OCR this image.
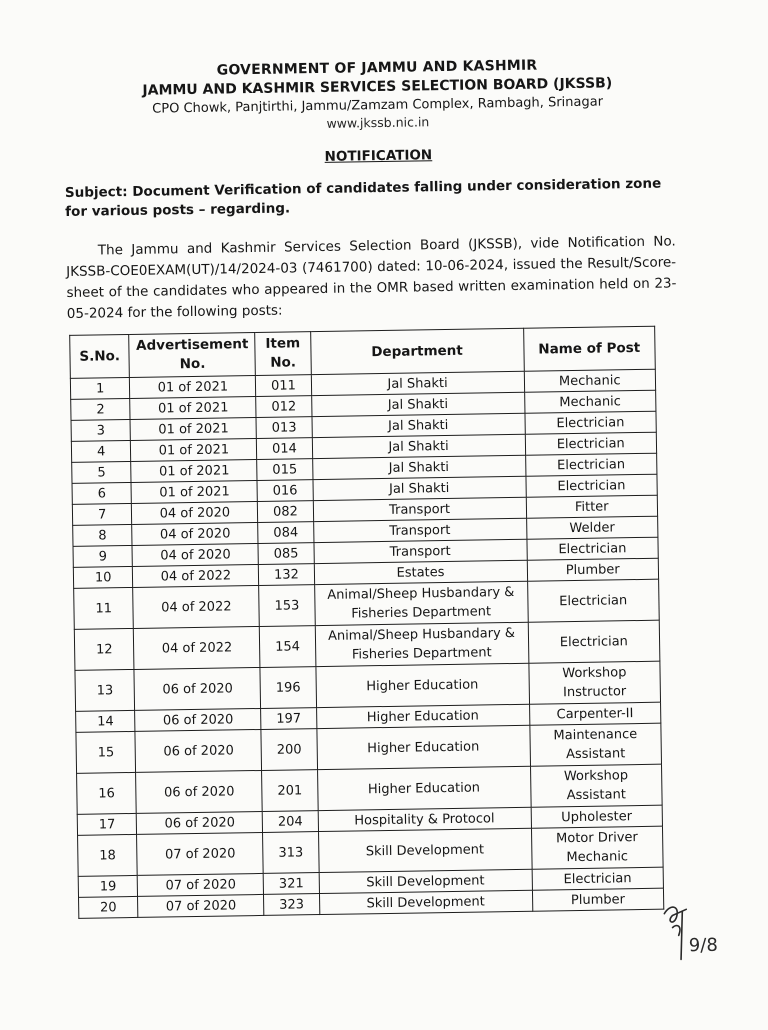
GOVERNMENT OF JAMMU AND KASHMIR
JAMMU AND KASHMIR SERVICES SELECTION BOARD (JKSSB)
CPO Chowk, Panjtirthi, Jammu/Zamzam Complex, Rambagh, Srinagar
www.jkssb.nic.in
NOTIFICATION
Subject: Document Verification of candidates falling under consideration zone for various posts – regarding.
The Jammu and Kashmir Services Selection Board (JKSSB), vide Notification No. JKSSB-COE0EXAM(UT)/14/2024-03 (7461700) dated: 10-06-2024, issued the Result/Score-sheet of the candidates who appeared in the OMR based written examination held on 23-05-2024 for the following posts:
S.No.	Advertisement No.	Item No.	Department	Name of Post
1	01 of 2021	011	Jal Shakti	Mechanic
2	01 of 2021	012	Jal Shakti	Mechanic
3	01 of 2021	013	Jal Shakti	Electrician
4	01 of 2021	014	Jal Shakti	Electrician
5	01 of 2021	015	Jal Shakti	Electrician
6	01 of 2021	016	Jal Shakti	Electrician
7	04 of 2020	082	Transport	Fitter
8	04 of 2020	084	Transport	Welder
9	04 of 2020	085	Transport	Electrician
10	04 of 2022	132	Estates	Plumber
11	04 of 2022	153	Animal/Sheep Husbandary & Fisheries Department	Electrician
12	04 of 2022	154	Animal/Sheep Husbandary & Fisheries Department	Electrician
13	06 of 2020	196	Higher Education	Workshop Instructor
14	06 of 2020	197	Higher Education	Carpenter-II
15	06 of 2020	200	Higher Education	Maintenance Assistant
16	06 of 2020	201	Higher Education	Workshop Assistant
17	06 of 2020	204	Hospitality & Protocol	Upholester
18	07 of 2020	313	Skill Development	Motor Driver Mechanic
19	07 of 2020	321	Skill Development	Electrician
20	07 of 2020	323	Skill Development	Plumber
9/8
